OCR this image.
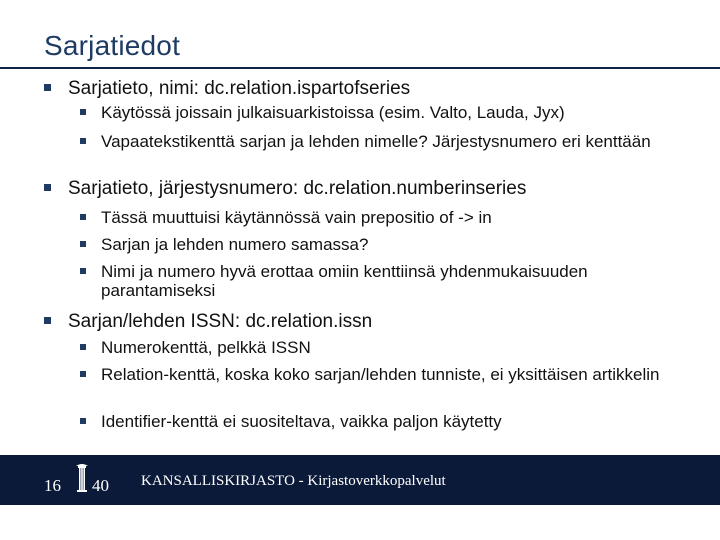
Sarjatiedot
Sarjatieto, nimi: dc.relation.ispartofseries
Käytössä joissain julkaisuarkistoissa (esim. Valto, Lauda, Jyx)
Vapaatekstikenttä sarjan ja lehden nimelle? Järjestysnumero eri kenttään
Sarjatieto, järjestysnumero: dc.relation.numberinseries
Tässä muuttuisi käytännössä vain prepositio of -> in
Sarjan ja lehden numero samassa?
Nimi ja numero hyvä erottaa omiin kenttiinsä yhdenmukaisuuden parantamiseksi
Sarjan/lehden ISSN: dc.relation.issn
Numerokenttä, pelkkä ISSN
Relation-kenttä, koska koko sarjan/lehden tunniste, ei yksittäisen artikkelin
Identifier-kenttä ei suositeltava, vaikka paljon käytetty
16 40 KANSALLISKIRJASTO - Kirjastoverkkopalvelut
